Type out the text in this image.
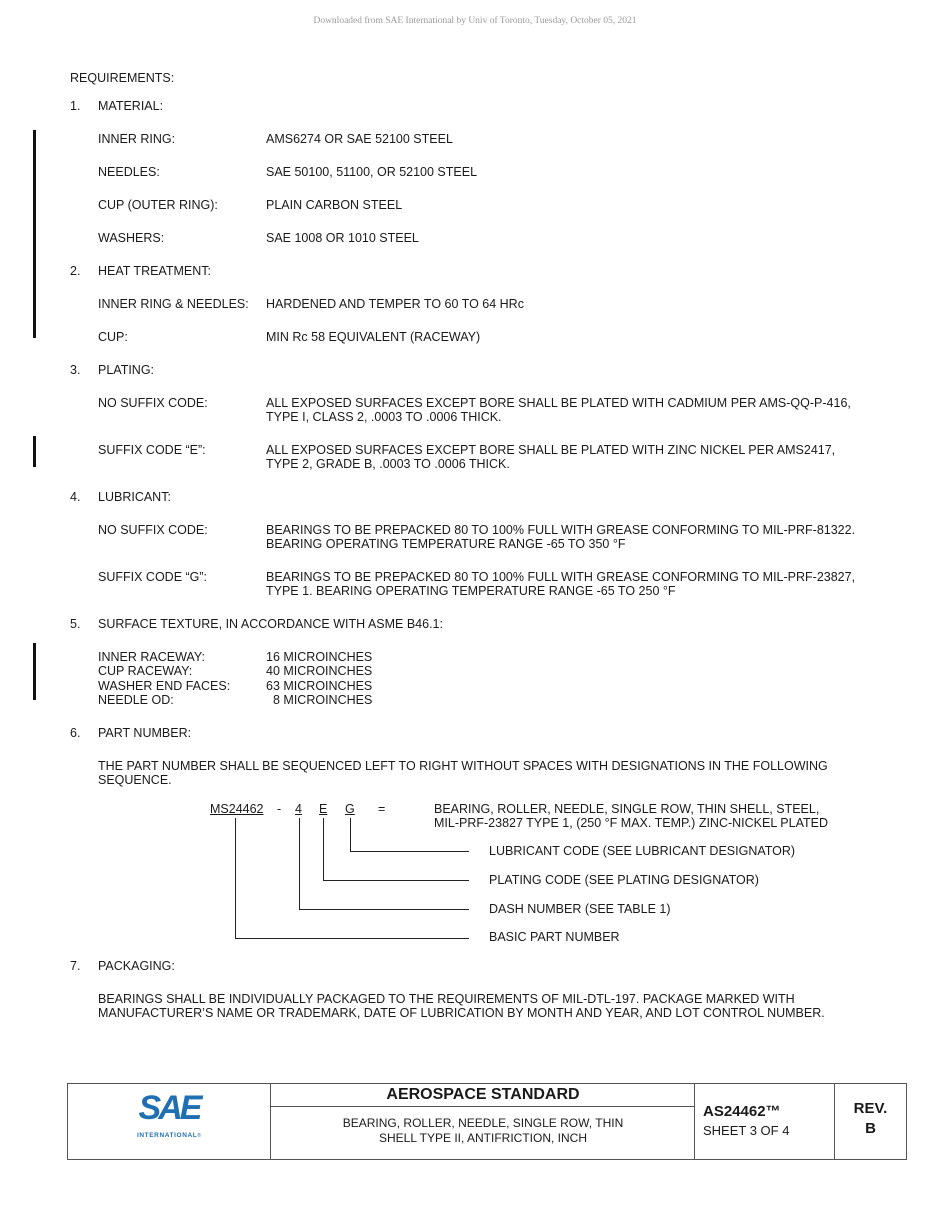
Downloaded from SAE International by Univ of Toronto, Tuesday, October 05, 2021
REQUIREMENTS:
1. MATERIAL:
INNER RING:	AMS6274 OR SAE 52100 STEEL
NEEDLES:	SAE 50100, 51100, OR 52100 STEEL
CUP (OUTER RING):	PLAIN CARBON STEEL
WASHERS:	SAE 1008 OR 1010 STEEL
2. HEAT TREATMENT:
INNER RING & NEEDLES: HARDENED AND TEMPER TO 60 TO 64 HRc
CUP:	MIN Rc 58 EQUIVALENT (RACEWAY)
3. PLATING:
NO SUFFIX CODE:	ALL EXPOSED SURFACES EXCEPT BORE SHALL BE PLATED WITH CADMIUM PER AMS-QQ-P-416,
TYPE I, CLASS 2, .0003 TO .0006 THICK.
SUFFIX CODE “E”:	ALL EXPOSED SURFACES EXCEPT BORE SHALL BE PLATED WITH ZINC NICKEL PER AMS2417,
TYPE 2, GRADE B, .0003 TO .0006 THICK.
4. LUBRICANT:
NO SUFFIX CODE:	BEARINGS TO BE PREPACKED 80 TO 100% FULL WITH GREASE CONFORMING TO MIL-PRF-81322.
BEARING OPERATING TEMPERATURE RANGE -65 TO 350 °F
SUFFIX CODE “G”:	BEARINGS TO BE PREPACKED 80 TO 100% FULL WITH GREASE CONFORMING TO MIL-PRF-23827,
TYPE 1. BEARING OPERATING TEMPERATURE RANGE -65 TO 250 °F
5. SURFACE TEXTURE, IN ACCORDANCE WITH ASME B46.1:
INNER RACEWAY:	16 MICROINCHES
CUP RACEWAY:	40 MICROINCHES
WASHER END FACES:	63 MICROINCHES
NEEDLE OD:	8 MICROINCHES
6. PART NUMBER:
THE PART NUMBER SHALL BE SEQUENCED LEFT TO RIGHT WITHOUT SPACES WITH DESIGNATIONS IN THE FOLLOWING
SEQUENCE.
MS24462 - 4 E G =	BEARING, ROLLER, NEEDLE, SINGLE ROW, THIN SHELL, STEEL,
MIL-PRF-23827 TYPE 1, (250 °F MAX. TEMP.) ZINC-NICKEL PLATED
LUBRICANT CODE (SEE LUBRICANT DESIGNATOR)
PLATING CODE (SEE PLATING DESIGNATOR)
DASH NUMBER (SEE TABLE 1)
BASIC PART NUMBER
7. PACKAGING:
BEARINGS SHALL BE INDIVIDUALLY PACKAGED TO THE REQUIREMENTS OF MIL-DTL-197. PACKAGE MARKED WITH
MANUFACTURER’S NAME OR TRADEMARK, DATE OF LUBRICATION BY MONTH AND YEAR, AND LOT CONTROL NUMBER.
SAE
INTERNATIONAL®
AEROSPACE STANDARD
BEARING, ROLLER, NEEDLE, SINGLE ROW, THIN
SHELL TYPE II, ANTIFRICTION, INCH
AS24462™
SHEET 3 OF 4
REV.
B
